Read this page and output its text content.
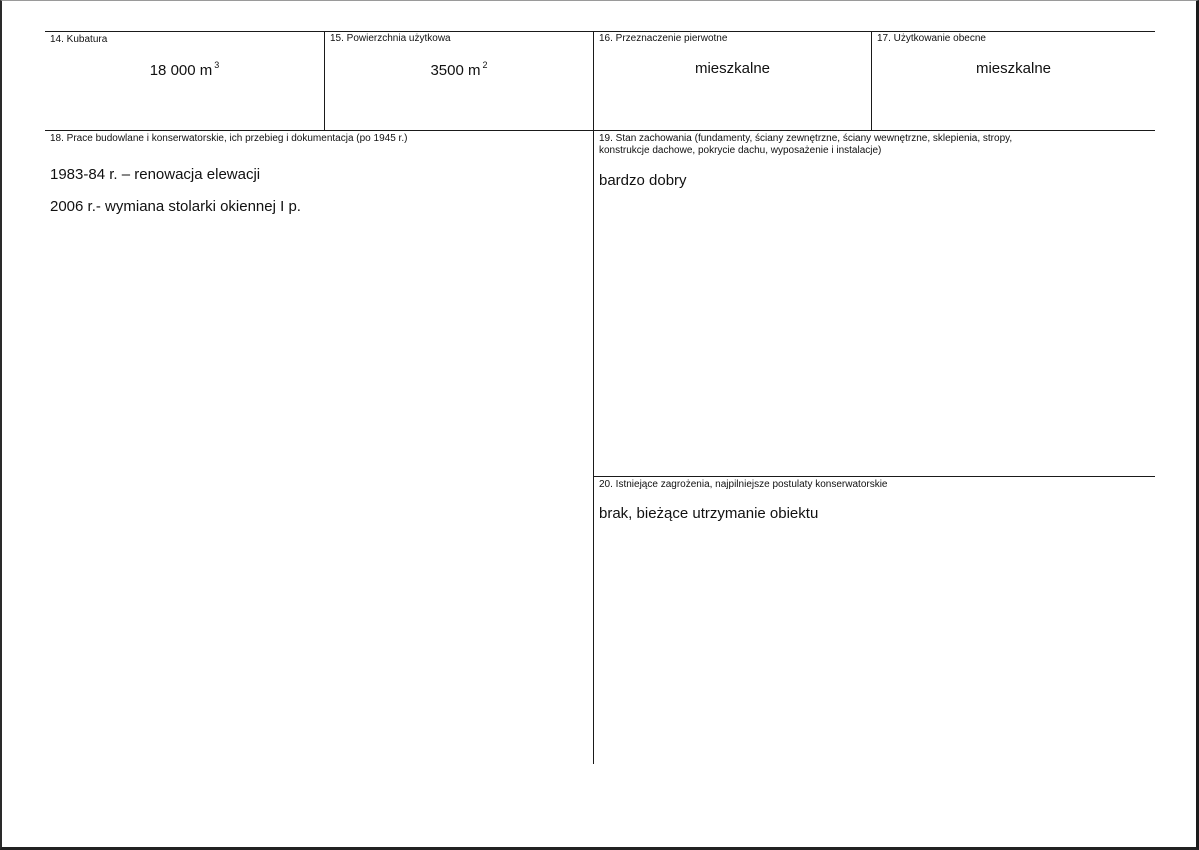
14. Kubatura
18 000 m $^3$
15. Powierzchnia użytkowa
3500 m $^2$
16. Przeznaczenie pierwotne
mieszkalne
17. Użytkowanie obecne
mieszkalne
18. Prace budowlane i konserwatorskie, ich przebieg i dokumentacja (po 1945 r.)
1983-84 r. – renowacja elewacji
2006 r.- wymiana stolarki okiennej I p.
19. Stan zachowania (fundamenty, ściany zewnętrzne, ściany wewnętrzne, sklepienia, stropy,
konstrukcje dachowe, pokrycie dachu, wyposażenie i instalacje)
bardzo dobry
20. Istniejące zagrożenia, najpilniejsze postulaty konserwatorskie
brak, bieżące utrzymanie obiektu
